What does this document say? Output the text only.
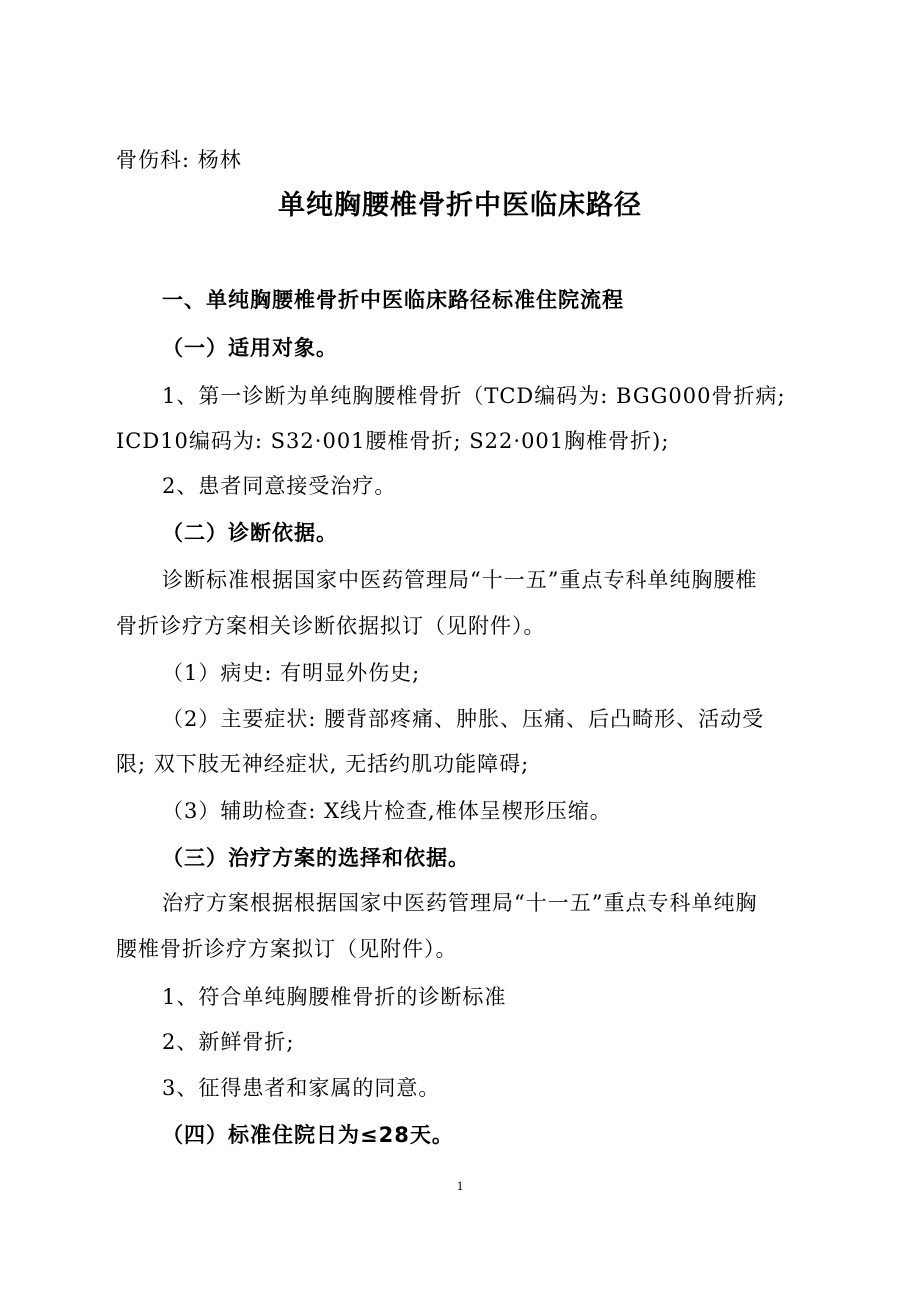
骨伤科: 杨林
单纯胸腰椎骨折中医临床路径
一、单纯胸腰椎骨折中医临床路径标准住院流程
（一）适用对象。
1、第一诊断为单纯胸腰椎骨折（TCD编码为: BGG000骨折病;
ICD10编码为: S32·001腰椎骨折; S22·001胸椎骨折);
2、患者同意接受治疗。
（二）诊断依据。
诊断标准根据国家中医药管理局“十一五”重点专科单纯胸腰椎
骨折诊疗方案相关诊断依据拟订（见附件）。
（1）病史: 有明显外伤史;
（2）主要症状: 腰背部疼痛、肿胀、压痛、后凸畸形、活动受
限; 双下肢无神经症状, 无括约肌功能障碍;
（3）辅助检查: X线片检查,椎体呈楔形压缩。
（三）治疗方案的选择和依据。
治疗方案根据根据国家中医药管理局“十一五”重点专科单纯胸
腰椎骨折诊疗方案拟订（见附件）。
1、符合单纯胸腰椎骨折的诊断标准
2、新鲜骨折;
3、征得患者和家属的同意。
（四）标准住院日为≤28天。
1
